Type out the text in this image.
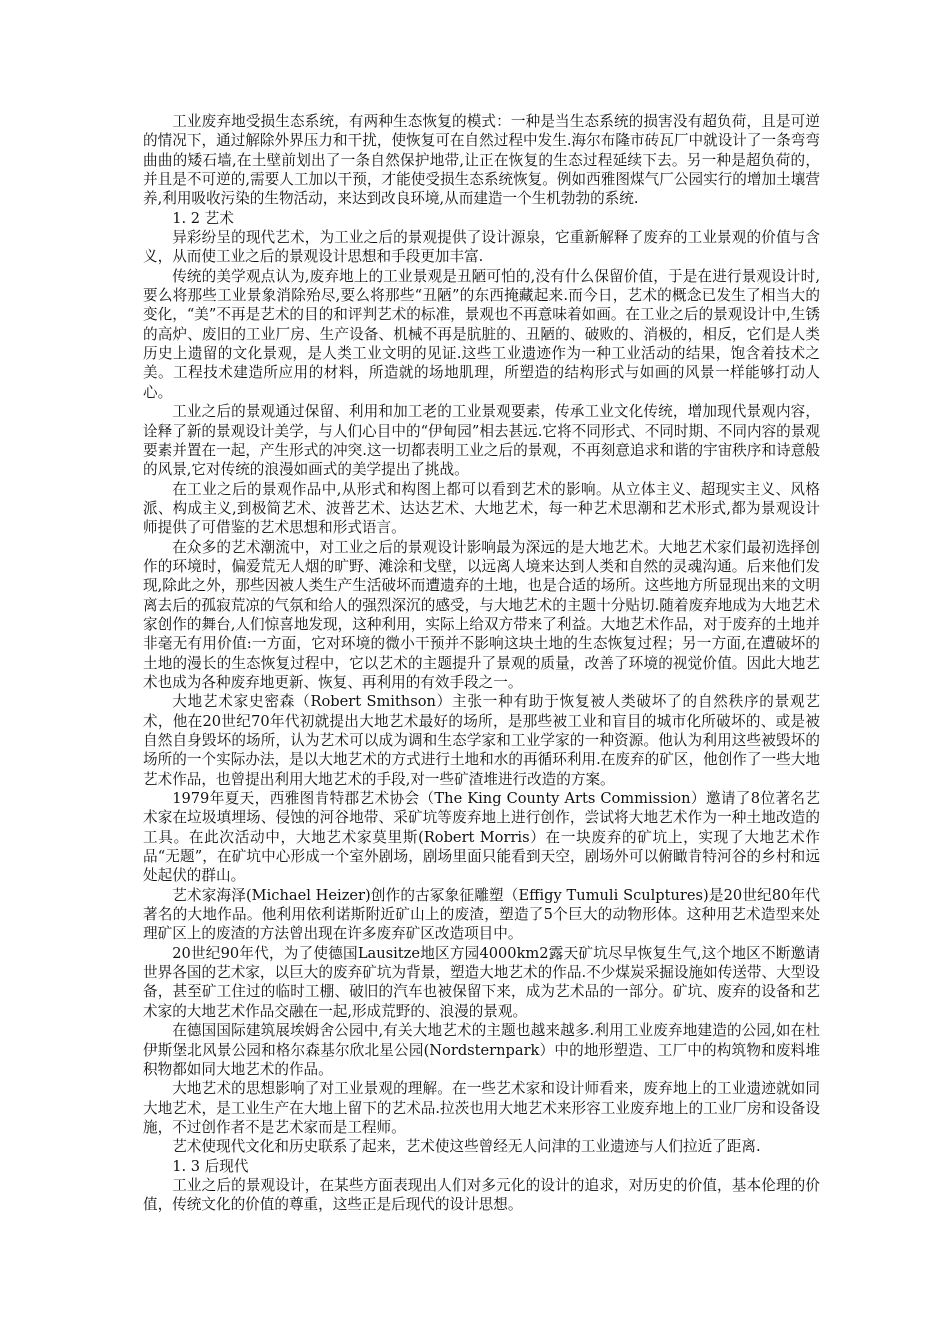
工业废弃地受损生态系统，有两种生态恢复的模式：一种是当生态系统的损害没有超负荷，且是可逆的情况下，通过解除外界压力和干扰，使恢复可在自然过程中发生.海尔布隆市砖瓦厂中就设计了一条弯弯曲曲的矮石墙,在土壁前划出了一条自然保护地带,让正在恢复的生态过程延续下去。另一种是超负荷的，并且是不可逆的,需要人工加以干预，才能使受损生态系统恢复。例如西雅图煤气厂公园实行的增加土壤营养,利用吸收污染的生物活动，来达到改良环境,从而建造一个生机勃勃的系统.

1. 2 艺术

异彩纷呈的现代艺术，为工业之后的景观提供了设计源泉，它重新解释了废弃的工业景观的价值与含义，从而使工业之后的景观设计思想和手段更加丰富.

传统的美学观点认为,废弃地上的工业景观是丑陋可怕的,没有什么保留价值，于是在进行景观设计时,要么将那些工业景象消除殆尽,要么将那些“丑陋”的东西掩藏起来.而今日，艺术的概念已发生了相当大的变化，“美”不再是艺术的目的和评判艺术的标准，景观也不再意味着如画。在工业之后的景观设计中,生锈的高炉、废旧的工业厂房、生产设备、机械不再是肮脏的、丑陋的、破败的、消极的，相反，它们是人类历史上遗留的文化景观，是人类工业文明的见证.这些工业遗迹作为一种工业活动的结果，饱含着技术之美。工程技术建造所应用的材料，所造就的场地肌理，所塑造的结构形式与如画的风景一样能够打动人心。

工业之后的景观通过保留、利用和加工老的工业景观要素，传承工业文化传统，增加现代景观内容，诠释了新的景观设计美学，与人们心目中的“伊甸园”相去甚远.它将不同形式、不同时期、不同内容的景观要素并置在一起，产生形式的冲突.这一切都表明工业之后的景观，不再刻意追求和谐的宇宙秩序和诗意般的风景,它对传统的浪漫如画式的美学提出了挑战。

在工业之后的景观作品中,从形式和构图上都可以看到艺术的影响。从立体主义、超现实主义、风格派、构成主义,到极简艺术、波普艺术、达达艺术、大地艺术，每一种艺术思潮和艺术形式,都为景观设计师提供了可借鉴的艺术思想和形式语言。

在众多的艺术潮流中，对工业之后的景观设计影响最为深远的是大地艺术。大地艺术家们最初选择创作的环境时，偏爱荒无人烟的旷野、滩涂和戈壁，以远离人境来达到人类和自然的灵魂沟通。后来他们发现,除此之外，那些因被人类生产生活破坏而遭遗弃的土地，也是合适的场所。这些地方所显现出来的文明离去后的孤寂荒凉的气氛和给人的强烈深沉的感受，与大地艺术的主题十分贴切.随着废弃地成为大地艺术家创作的舞台,人们惊喜地发现，这种利用，实际上给双方带来了利益。大地艺术作品，对于废弃的土地并非毫无有用价值:一方面，它对环境的微小干预并不影响这块土地的生态恢复过程；另一方面,在遭破坏的土地的漫长的生态恢复过程中，它以艺术的主题提升了景观的质量，改善了环境的视觉价值。因此大地艺术也成为各种废弃地更新、恢复、再利用的有效手段之一。

大地艺术家史密森（Robert Smithson）主张一种有助于恢复被人类破坏了的自然秩序的景观艺术，他在20世纪70年代初就提出大地艺术最好的场所，是那些被工业和盲目的城市化所破坏的、或是被自然自身毁坏的场所，认为艺术可以成为调和生态学家和工业学家的一种资源。他认为利用这些被毁坏的场所的一个实际办法，是以大地艺术的方式进行土地和水的再循环利用.在废弃的矿区，他创作了一些大地艺术作品，也曾提出利用大地艺术的手段,对一些矿渣堆进行改造的方案。

1979年夏天，西雅图肯特郡艺术协会（The King County Arts Commission）邀请了8位著名艺术家在垃圾填埋场、侵蚀的河谷地带、采矿坑等废弃地上进行创作，尝试将大地艺术作为一种土地改造的工具。在此次活动中，大地艺术家莫里斯(Robert Morris）在一块废弃的矿坑上，实现了大地艺术作品“无题”，在矿坑中心形成一个室外剧场，剧场里面只能看到天空，剧场外可以俯瞰肯特河谷的乡村和远处起伏的群山。

艺术家海泽(Michael Heizer)创作的古冢象征雕塑（Effigy Tumuli Sculptures)是20世纪80年代著名的大地作品。他利用依利诺斯附近矿山上的废渣，塑造了5个巨大的动物形体。这种用艺术造型来处理矿区上的废渣的方法曾出现在许多废弃矿区改造项目中。

20世纪90年代，为了使德国Lausitze地区方园4000km2露天矿坑尽早恢复生气,这个地区不断邀请世界各国的艺术家，以巨大的废弃矿坑为背景，塑造大地艺术的作品.不少煤炭采掘设施如传送带、大型设备，甚至矿工住过的临时工棚、破旧的汽车也被保留下来，成为艺术品的一部分。矿坑、废弃的设备和艺术家的大地艺术作品交融在一起,形成荒野的、浪漫的景观。

在德国国际建筑展埃姆舍公园中,有关大地艺术的主题也越来越多.利用工业废弃地建造的公园,如在杜伊斯堡北风景公园和格尔森基尔欣北星公园(Nordsternpark）中的地形塑造、工厂中的构筑物和废料堆积物都如同大地艺术的作品。

大地艺术的思想影响了对工业景观的理解。在一些艺术家和设计师看来，废弃地上的工业遗迹就如同大地艺术，是工业生产在大地上留下的艺术品.拉茨也用大地艺术来形容工业废弃地上的工业厂房和设备设施，不过创作者不是艺术家而是工程师。

艺术使现代文化和历史联系了起来，艺术使这些曾经无人问津的工业遗迹与人们拉近了距离.

1. 3 后现代

工业之后的景观设计，在某些方面表现出人们对多元化的设计的追求，对历史的价值，基本伦理的价值，传统文化的价值的尊重，这些正是后现代的设计思想。
